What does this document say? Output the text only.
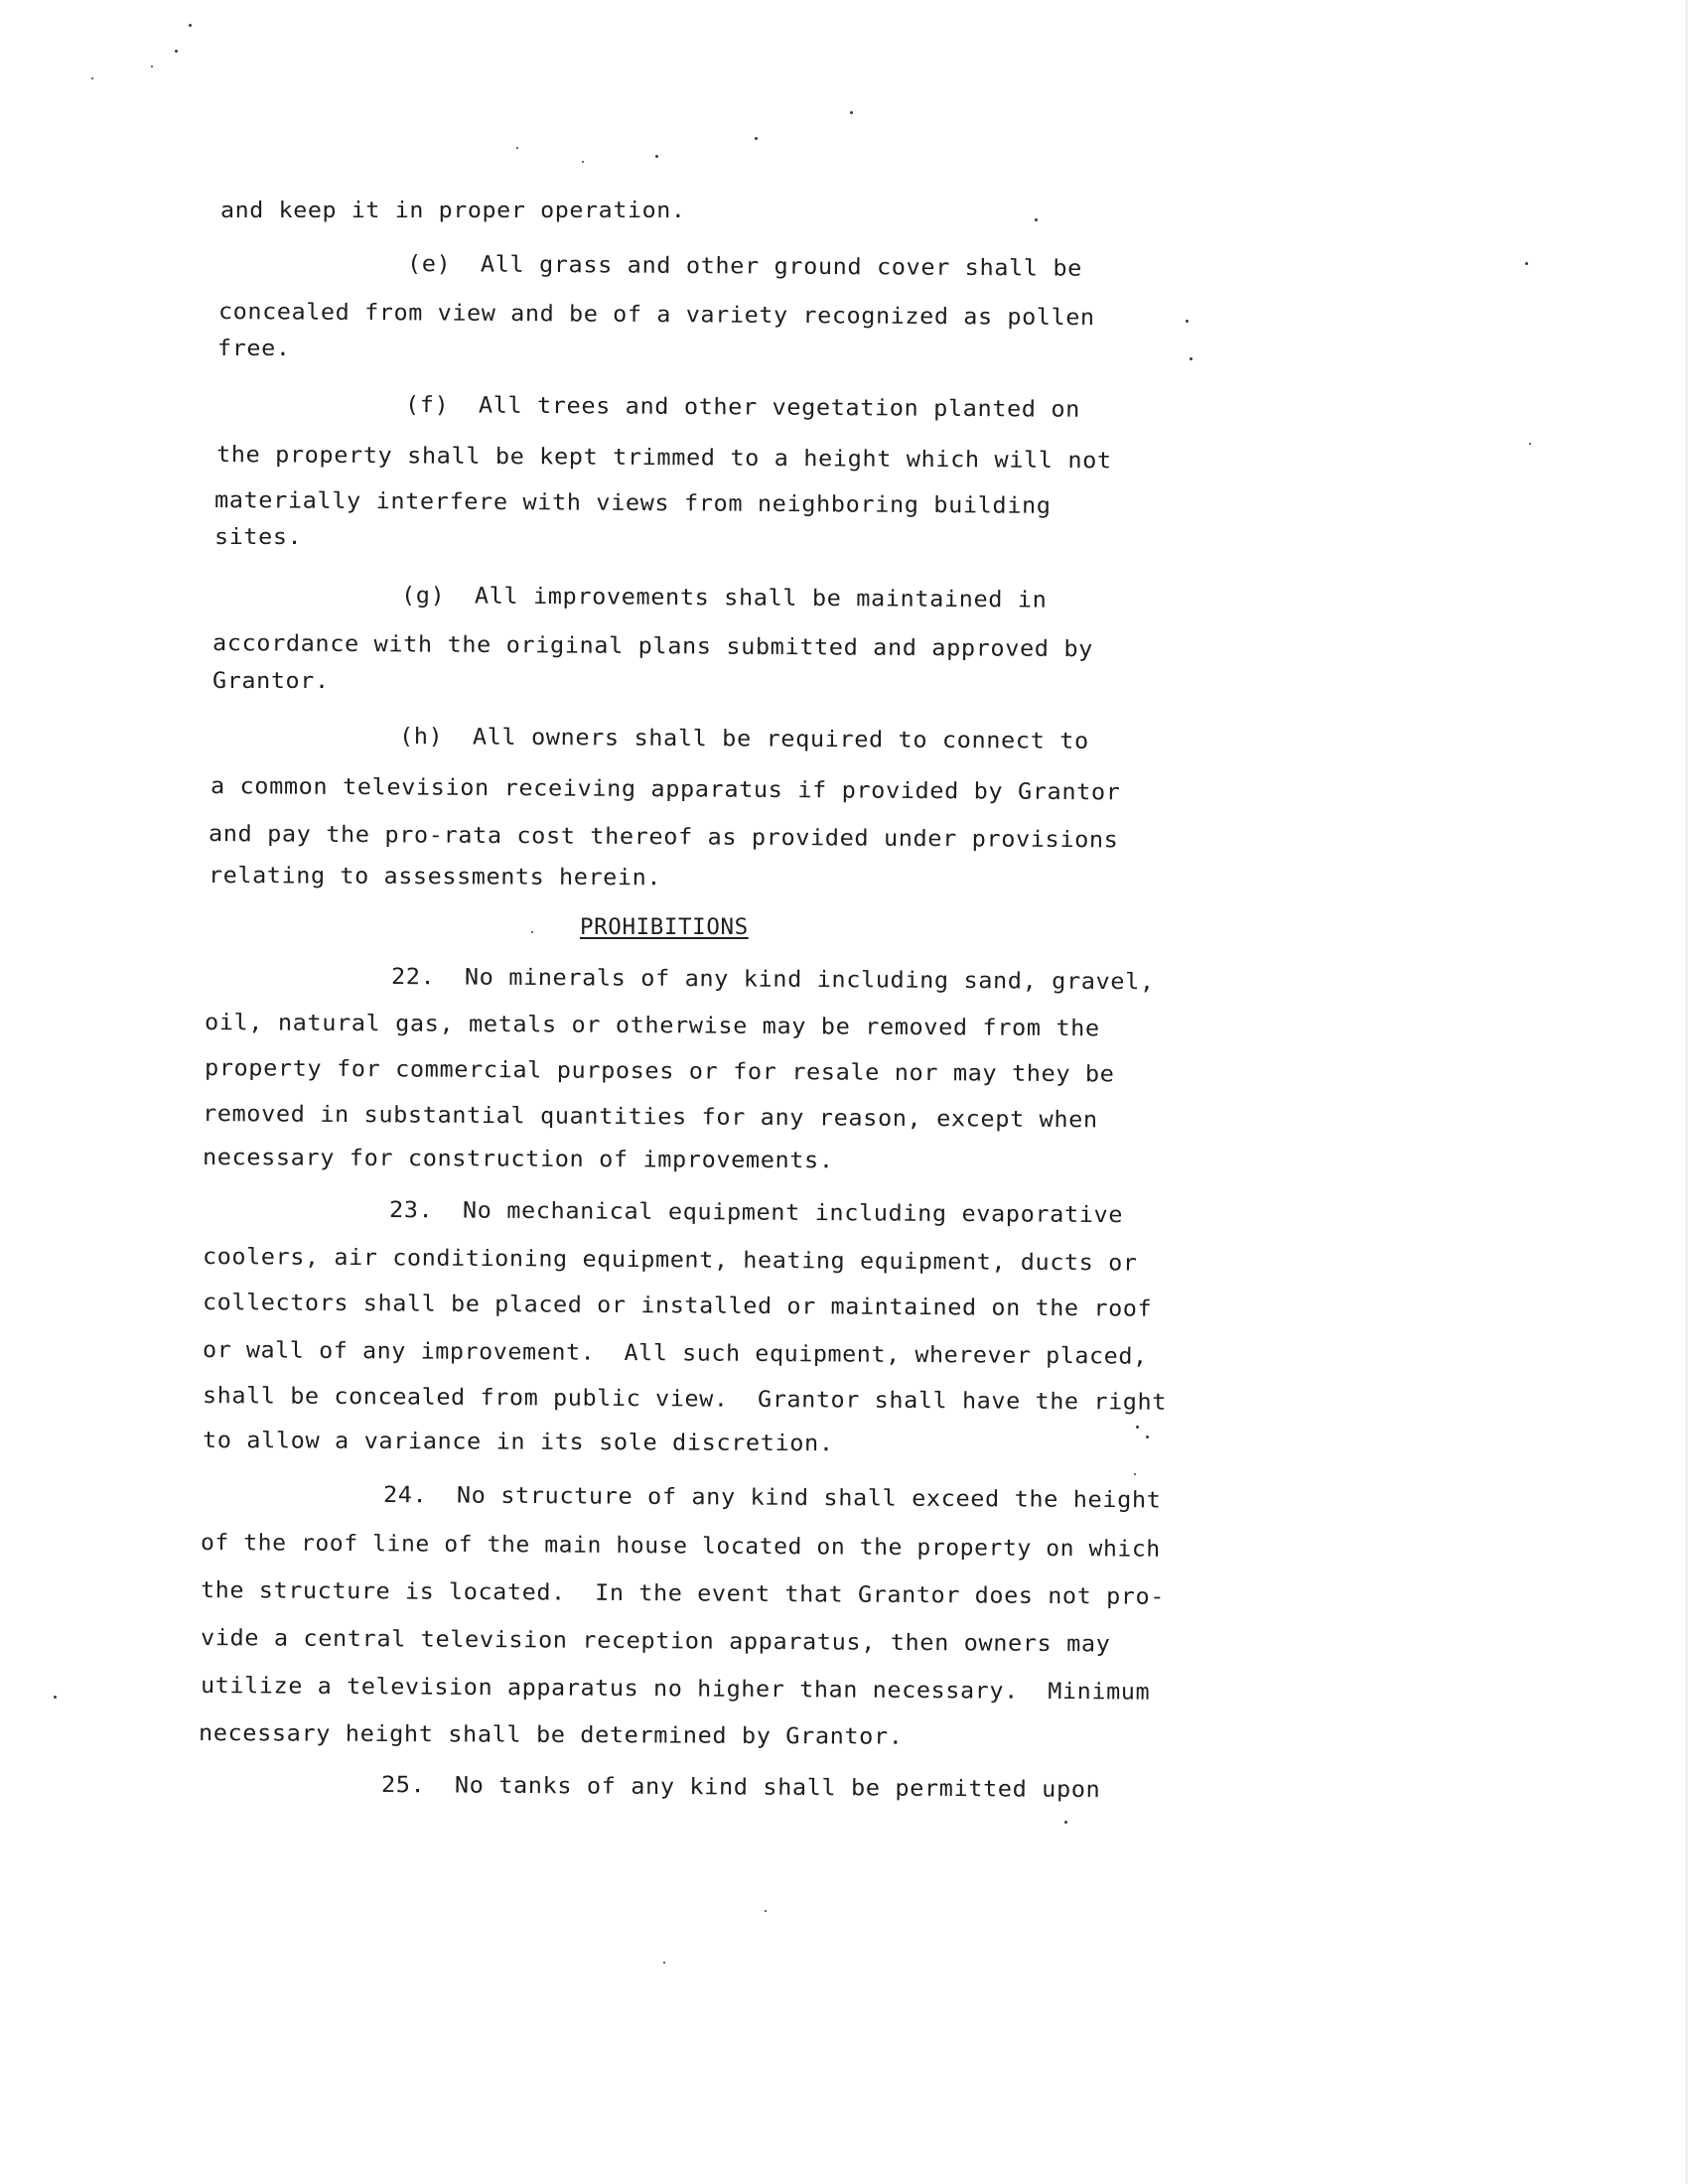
and keep it in proper operation.
(e)  All grass and other ground cover shall be
concealed from view and be of a variety recognized as pollen
free.
(f)  All trees and other vegetation planted on
the property shall be kept trimmed to a height which will not
materially interfere with views from neighboring building
sites.
(g)  All improvements shall be maintained in
accordance with the original plans submitted and approved by
Grantor.
(h)  All owners shall be required to connect to
a common television receiving apparatus if provided by Grantor
and pay the pro-rata cost thereof as provided under provisions
relating to assessments herein.
PROHIBITIONS
22.  No minerals of any kind including sand, gravel,
oil, natural gas, metals or otherwise may be removed from the
property for commercial purposes or for resale nor may they be
removed in substantial quantities for any reason, except when
necessary for construction of improvements.
23.  No mechanical equipment including evaporative
coolers, air conditioning equipment, heating equipment, ducts or
collectors shall be placed or installed or maintained on the roof
or wall of any improvement.  All such equipment, wherever placed,
shall be concealed from public view.  Grantor shall have the right
to allow a variance in its sole discretion.
24.  No structure of any kind shall exceed the height
of the roof line of the main house located on the property on which
the structure is located.  In the event that Grantor does not pro-
vide a central television reception apparatus, then owners may
utilize a television apparatus no higher than necessary.  Minimum
necessary height shall be determined by Grantor.
25.  No tanks of any kind shall be permitted upon
